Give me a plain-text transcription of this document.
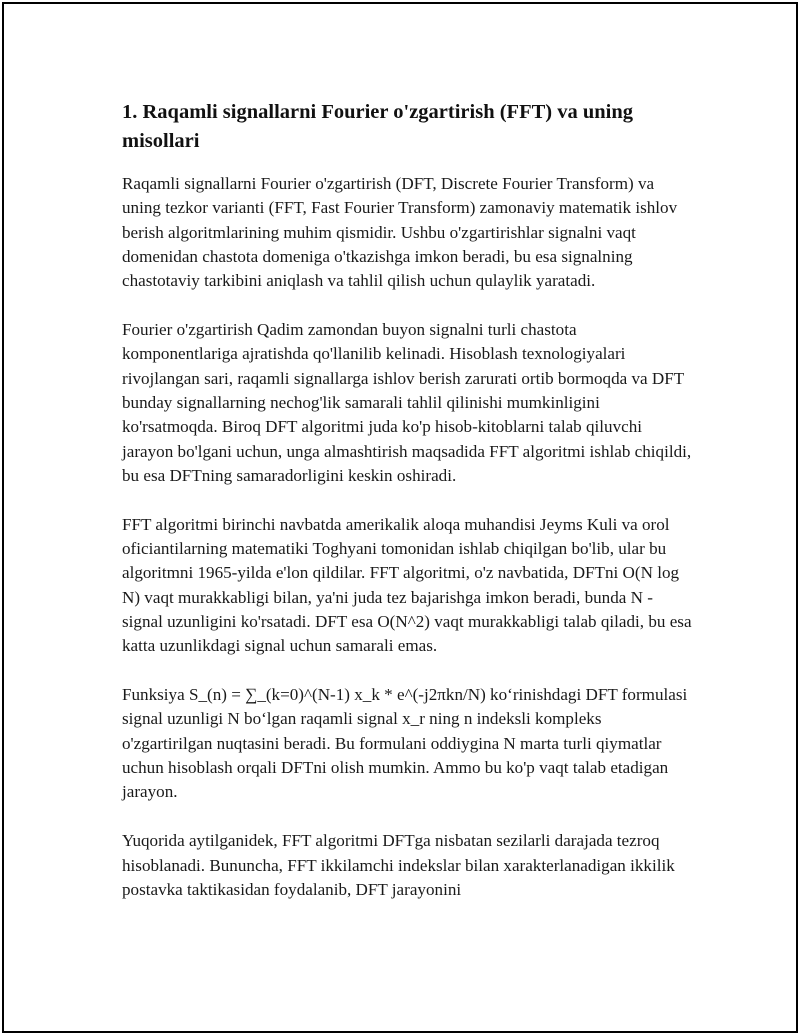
1. Raqamli signallarni Fourier o'zgartirish (FFT) va uning misollari

Raqamli signallarni Fourier o'zgartirish (DFT, Discrete Fourier Transform) va uning tezkor varianti (FFT, Fast Fourier Transform) zamonaviy matematik ishlov berish algoritmlarining muhim qismidir. Ushbu o'zgartirishlar signalni vaqt domenidan chastota domeniga o'tkazishga imkon beradi, bu esa signalning chastotaviy tarkibini aniqlash va tahlil qilish uchun qulaylik yaratadi.

Fourier o'zgartirish Qadim zamondan buyon signalni turli chastota komponentlariga ajratishda qo'llanilib kelinadi. Hisoblash texnologiyalari rivojlangan sari, raqamli signallarga ishlov berish zarurati ortib bormoqda va DFT bunday signallarning nechog'lik samarali tahlil qilinishi mumkinligini ko'rsatmoqda. Biroq DFT algoritmi juda ko'p hisob-kitoblarni talab qiluvchi jarayon bo'lgani uchun, unga almashtirish maqsadida FFT algoritmi ishlab chiqildi, bu esa DFTning samaradorligini keskin oshiradi.

FFT algoritmi birinchi navbatda amerikalik aloqa muhandisi Jeyms Kuli va orol oficiantilarning matematiki Toghyani tomonidan ishlab chiqilgan bo'lib, ular bu algoritmni 1965-yilda e'lon qildilar. FFT algoritmi, o'z navbatida, DFTni O(N log N) vaqt murakkabligi bilan, ya'ni juda tez bajarishga imkon beradi, bunda N - signal uzunligini ko'rsatadi. DFT esa O(N^2) vaqt murakkabligi talab qiladi, bu esa katta uzunlikdagi signal uchun samarali emas.

Funksiya S_(n) = ∑_(k=0)^(N-1) x_k * e^(-j2πkn/N) ko‘rinishdagi DFT formulasi signal uzunligi N bo‘lgan raqamli signal x_r ning n indeksli kompleks o'zgartirilgan nuqtasini beradi. Bu formulani oddiygina N marta turli qiymatlar uchun hisoblash orqali DFTni olish mumkin. Ammo bu ko'p vaqt talab etadigan jarayon.

Yuqorida aytilganidek, FFT algoritmi DFTga nisbatan sezilarli darajada tezroq hisoblanadi. Bununcha, FFT ikkilamchi indekslar bilan xarakterlanadigan ikkilik postavka taktikasidan foydalanib, DFT jarayonini
